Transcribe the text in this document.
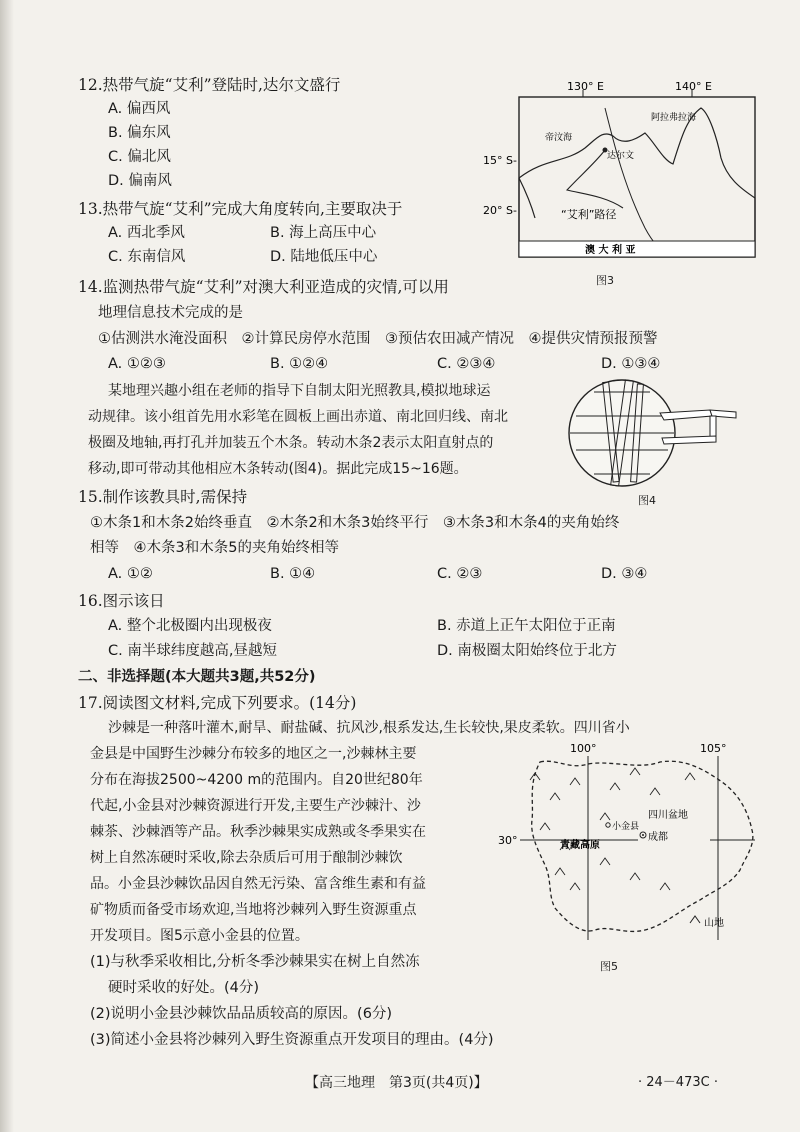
12.热带气旋“艾利”登陆时,达尔文盛行
A. 偏西风
B. 偏东风
C. 偏北风
D. 偏南风
13.热带气旋“艾利”完成大角度转向,主要取决于
A. 西北季风	B. 海上高压中心
C. 东南信风	D. 陆地低压中心
130° E	140° E
15° S-
20° S-
帝汶海
阿拉弗拉海
达尔文
“艾利”路径
澳 大 利 亚
图3
14.监测热带气旋“艾利”对澳大利亚造成的灾情,可以用
地理信息技术完成的是
①估测洪水淹没面积　②计算民房停水范围　③预估农田减产情况　④提供灾情预报预警
A. ①②③	B. ①②④	C. ②③④	D. ①③④
某地理兴趣小组在老师的指导下自制太阳光照教具,模拟地球运
动规律。该小组首先用水彩笔在圆板上画出赤道、南北回归线、南北
极圈及地轴,再打孔并加装五个木条。转动木条2表示太阳直射点的
移动,即可带动其他相应木条转动(图4)。据此完成15~16题。
图4
15.制作该教具时,需保持
①木条1和木条2始终垂直　②木条2和木条3始终平行　③木条3和木条4的夹角始终
相等　④木条3和木条5的夹角始终相等
A. ①②	B. ①④	C. ②③	D. ③④
16.图示该日
A. 整个北极圈内出现极夜	B. 赤道上正午太阳位于正南
C. 南半球纬度越高,昼越短	D. 南极圈太阳始终位于北方
二、非选择题(本大题共3题,共52分)
17.阅读图文材料,完成下列要求。(14分)
沙棘是一种落叶灌木,耐旱、耐盐碱、抗风沙,根系发达,生长较快,果皮柔软。四川省小
金县是中国野生沙棘分布较多的地区之一,沙棘林主要
分布在海拔2500~4200 m的范围内。自20世纪80年
代起,小金县对沙棘资源进行开发,主要生产沙棘汁、沙
棘茶、沙棘酒等产品。秋季沙棘果实成熟或冬季果实在
树上自然冻硬时采收,除去杂质后可用于酿制沙棘饮
品。小金县沙棘饮品因自然无污染、富含维生素和有益
矿物质而备受市场欢迎,当地将沙棘列入野生资源重点
开发项目。图5示意小金县的位置。
(1)与秋季采收相比,分析冬季沙棘果实在树上自然冻
硬时采收的好处。(4分)
(2)说明小金县沙棘饮品品质较高的原因。(6分)
(3)简述小金县将沙棘列入野生资源重点开发项目的理由。(4分)
100°	105°
30°
四川盆地
小金县
成都
青藏高原
山地
图5
【高三地理　第3页(共4页)】	· 24－473C ·
